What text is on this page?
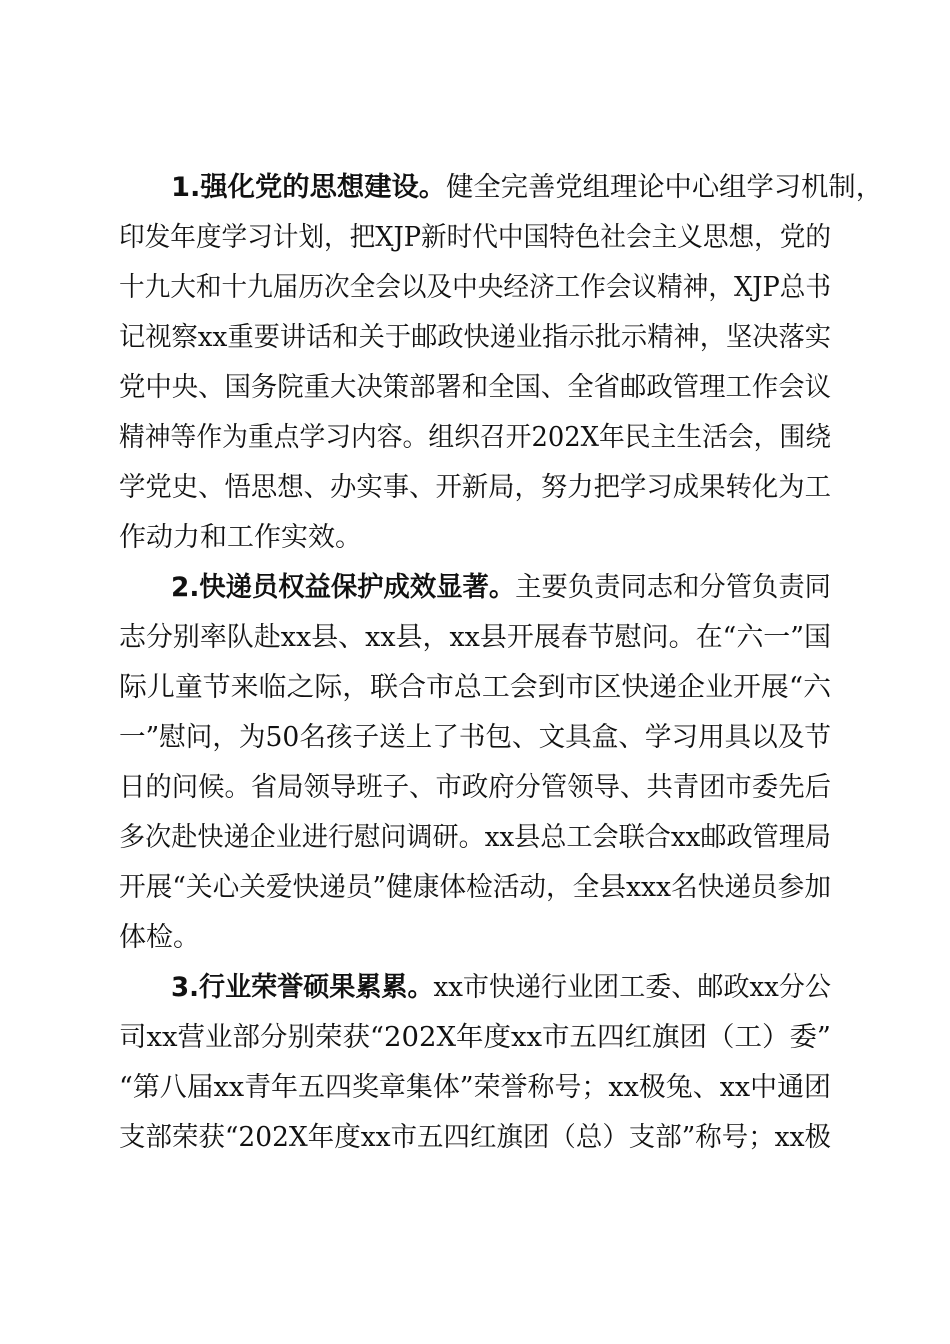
1.强化党的思想建设。健全完善党组理论中心组学习机制，
印发年度学习计划，把XJP新时代中国特色社会主义思想，党的
十九大和十九届历次全会以及中央经济工作会议精神，XJP总书
记视察xx重要讲话和关于邮政快递业指示批示精神，坚决落实
党中央、国务院重大决策部署和全国、全省邮政管理工作会议
精神等作为重点学习内容。组织召开202X年民主生活会，围绕
学党史、悟思想、办实事、开新局，努力把学习成果转化为工
作动力和工作实效。
2.快递员权益保护成效显著。主要负责同志和分管负责同
志分别率队赴xx县、xx县，xx县开展春节慰问。在“六一”国
际儿童节来临之际，联合市总工会到市区快递企业开展“六
一”慰问，为50名孩子送上了书包、文具盒、学习用具以及节
日的问候。省局领导班子、市政府分管领导、共青团市委先后
多次赴快递企业进行慰问调研。xx县总工会联合xx邮政管理局
开展“关心关爱快递员”健康体检活动，全县xxx名快递员参加
体检。
3.行业荣誉硕果累累。xx市快递行业团工委、邮政xx分公
司xx营业部分别荣获“202X年度xx市五四红旗团（工）委”
“第八届xx青年五四奖章集体”荣誉称号；xx极兔、xx中通团
支部荣获“202X年度xx市五四红旗团（总）支部”称号；xx极
